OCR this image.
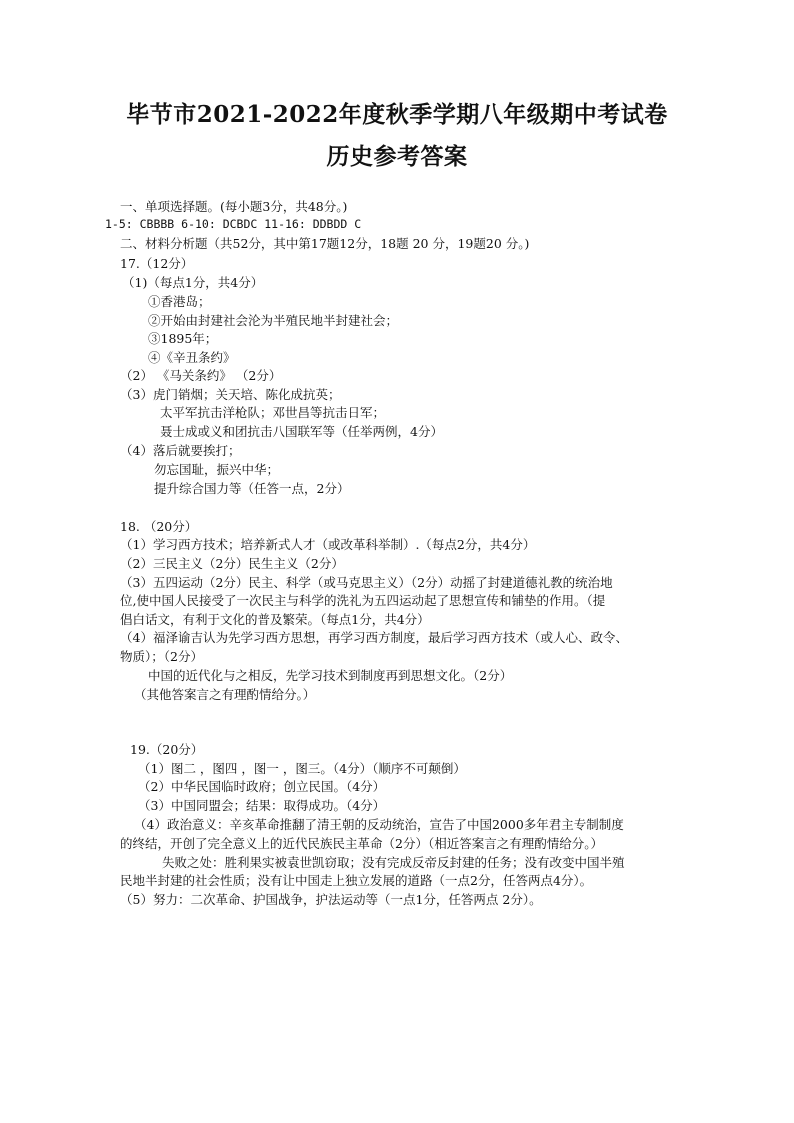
毕节市2021-2022年度秋季学期八年级期中考试卷
历史参考答案
一、单项选择题。(每小题3分，共48分。)
1-5: CBBBB 6-10: DCBDC 11-16: DDBDD C
二、材料分析题（共52分，其中第17题12分，18题 20 分，19题20 分。)
17.（12分）
（1)（每点1分，共4分）
①香港岛；
②开始由封建社会沦为半殖民地半封建社会；
③1895年；
④《辛丑条约》
（2） 《马关条约》 （2分）
（3）虎门销烟；关天培、陈化成抗英；
太平军抗击洋枪队；邓世昌等抗击日军；
聂士成或义和团抗击八国联军等（任举两例，4分）
（4）落后就要挨打；
勿忘国耻，振兴中华；
提升综合国力等（任答一点，2分）
18. （20分）
（1）学习西方技术；培养新式人才（或改革科举制）.（每点2分，共4分）
（2）三民主义（2分）民生主义（2分）
（3）五四运动（2分）民主、科学（或马克思主义）（2分）动摇了封建道德礼教的统治地
位,使中国人民接受了一次民主与科学的洗礼为五四运动起了思想宣传和铺垫的作用。（提
倡白话文，有利于文化的普及繁荣。（每点1分，共4分）
（4）福泽谕吉认为先学习西方思想，再学习西方制度，最后学习西方技术（或人心、政令、
物质）；（2分）
中国的近代化与之相反，先学习技术到制度再到思想文化。（2分）
（其他答案言之有理酌情给分。）
19.（20分）
（1）图二 ，图四 ，图一 ，图三。（4分）（顺序不可颠倒）
（2）中华民国临时政府；创立民国。（4分）
（3）中国同盟会；结果：取得成功。（4分）
（4）政治意义：辛亥革命推翻了清王朝的反动统治，宣告了中国2000多年君主专制制度
的终结，开创了完全意义上的近代民族民主革命（2分）（相近答案言之有理酌情给分。）
失败之处：胜利果实被袁世凯窃取；没有完成反帝反封建的任务；没有改变中国半殖
民地半封建的社会性质；没有让中国走上独立发展的道路（一点2分，任答两点4分）。
（5）努力：二次革命、护国战争，护法运动等（一点1分，任答两点 2分）。
